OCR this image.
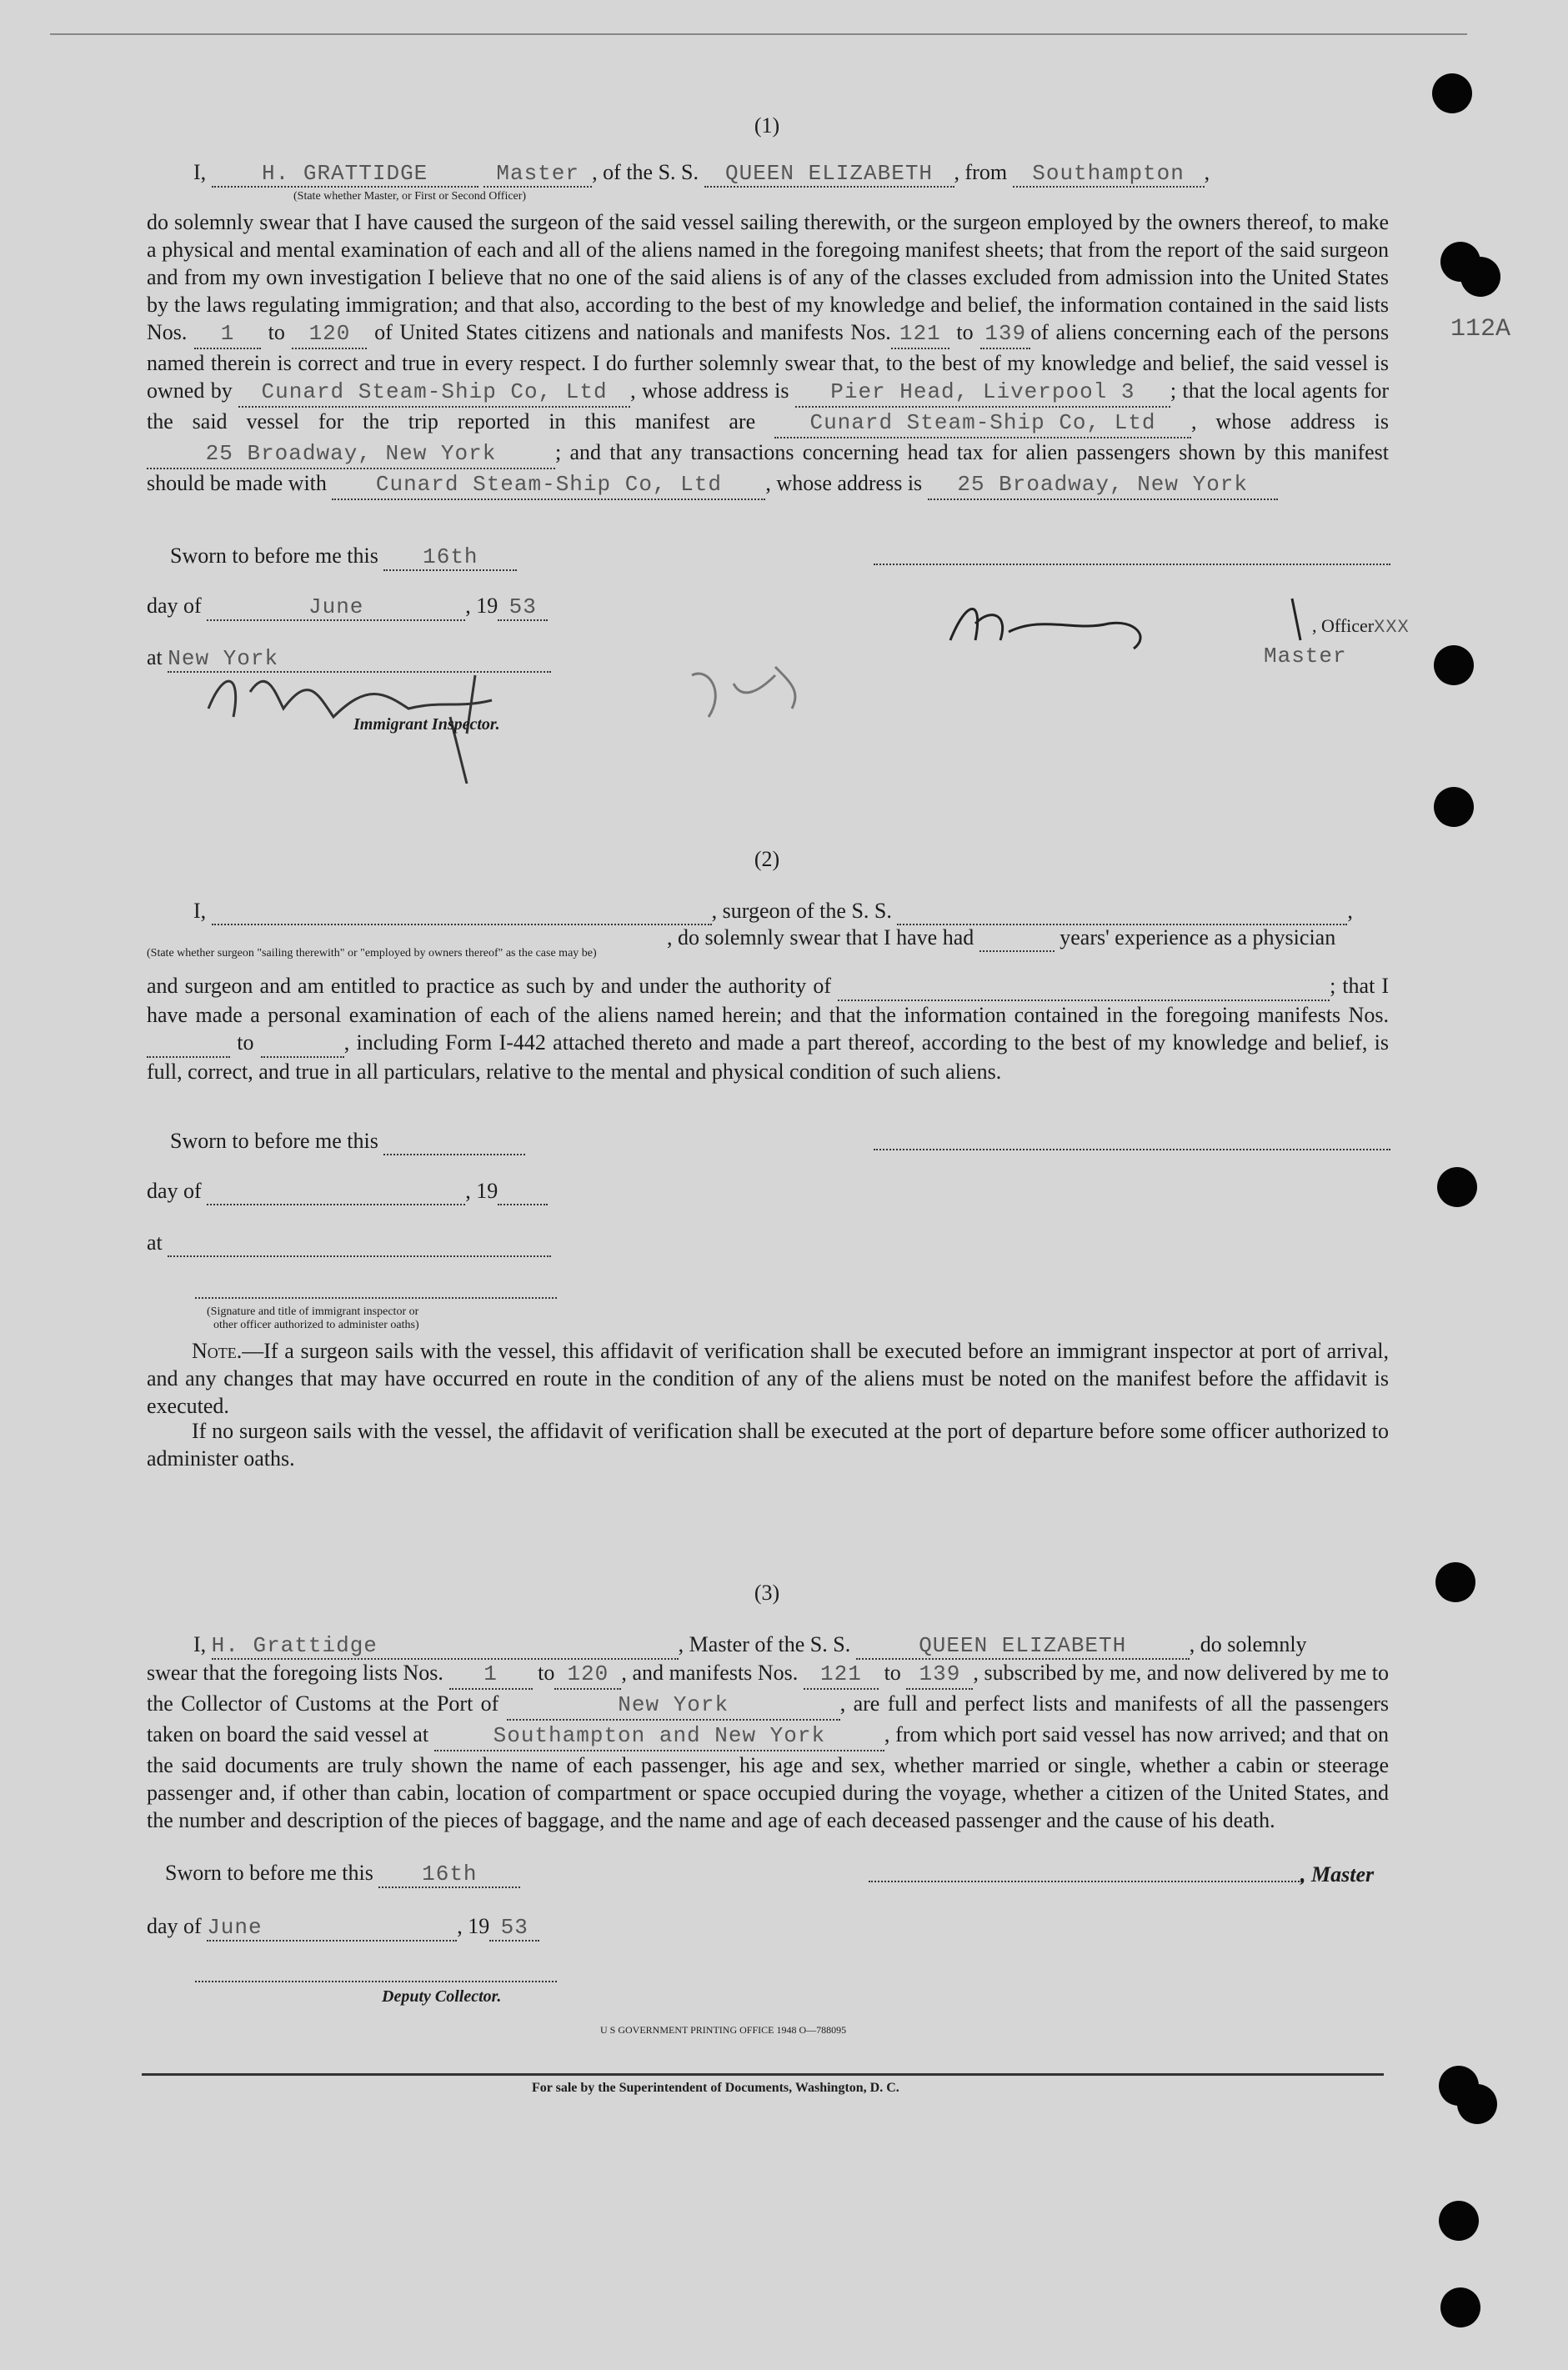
(1)
I,	H. GRATTIDGE	Master , of the S. S. QUEEN ELIZABETH , from Southampton ,
(State whether Master, or First or Second Officer)
do solemnly swear that I have caused the surgeon of the said vessel sailing therewith, or the surgeon employed by the owners thereof, to make a physical and mental examination of each and all of the aliens named in the foregoing manifest sheets; that from the report of the said surgeon and from my own investigation I believe that no one of the said aliens is of any of the classes excluded from admission into the United States by the laws regulating immigration; and that also, according to the best of my knowledge and belief, the information contained in the said lists Nos. 1 to 120 of United States citizens and nationals and manifests Nos. 121 to 139 of aliens concerning each of the persons named therein is correct and true in every respect. I do further solemnly swear that, to the best of my knowledge and belief, the said vessel is owned by Cunard Steam-Ship Co, Ltd , whose address is Pier Head, Liverpool 3 ; that the local agents for the said vessel for the trip reported in this manifest are	Cunard Steam-Ship Co, Ltd , whose address is 25 Broadway, New York	; and that any transactions concerning head tax for alien passengers shown by this manifest should be made with Cunard Steam-Ship Co, Ltd , whose address is 25 Broadway, New York
112A
Sworn to before me this 16th
day of	June	, 19 53
at New York
, OfficerXXX
Master
Immigrant Inspector.
(2)
I,	, surgeon of the S. S.	,
, do solemnly swear that I have had	years' experience as a physician
(State whether surgeon "sailing therewith" or "employed by owners thereof" as the case may be)
and surgeon and am entitled to practice as such by and under the authority of	; that I have made a personal examination of each of the aliens named herein; and that the information contained in the foregoing manifests Nos.   to	, including Form I-442 attached thereto and made a part thereof, according to the best of my knowledge and belief, is full, correct, and true in all particulars, relative to the mental and physical condition of such aliens.
Sworn to before me this
day of	, 19
at
(Signature and title of immigrant inspector or
other officer authorized to administer oaths)
Note.—If a surgeon sails with the vessel, this affidavit of verification shall be executed before an immigrant inspector at port of arrival, and any changes that may have occurred en route in the condition of any of the aliens must be noted on the manifest before the affidavit is executed.
If no surgeon sails with the vessel, the affidavit of verification shall be executed at the port of departure before some officer authorized to administer oaths.
(3)
I, H. Grattidge	, Master of the S. S.	QUEEN ELIZABETH	, do solemnly
swear that the foregoing lists Nos. 1 to 120 , and manifests Nos. 121 to 139 , subscribed by me, and now delivered by me to the Collector of Customs at the Port of	New York	, are full and perfect lists and manifests of all the passengers taken on board the said vessel at	Southampton and New York	, from which port said vessel has now arrived; and that on the said documents are truly shown the name of each passenger, his age and sex, whether married or single, whether a cabin or steerage passenger and, if other than cabin, location of compartment or space occupied during the voyage, whether a citizen of the United States, and the number and description of the pieces of baggage, and the name and age of each deceased passenger and the cause of his death.
Sworn to before me this 16th	, Master
day of June	, 19 53
Deputy Collector.
U S GOVERNMENT PRINTING OFFICE 1948 O—788095
For sale by the Superintendent of Documents, Washington, D. C.
